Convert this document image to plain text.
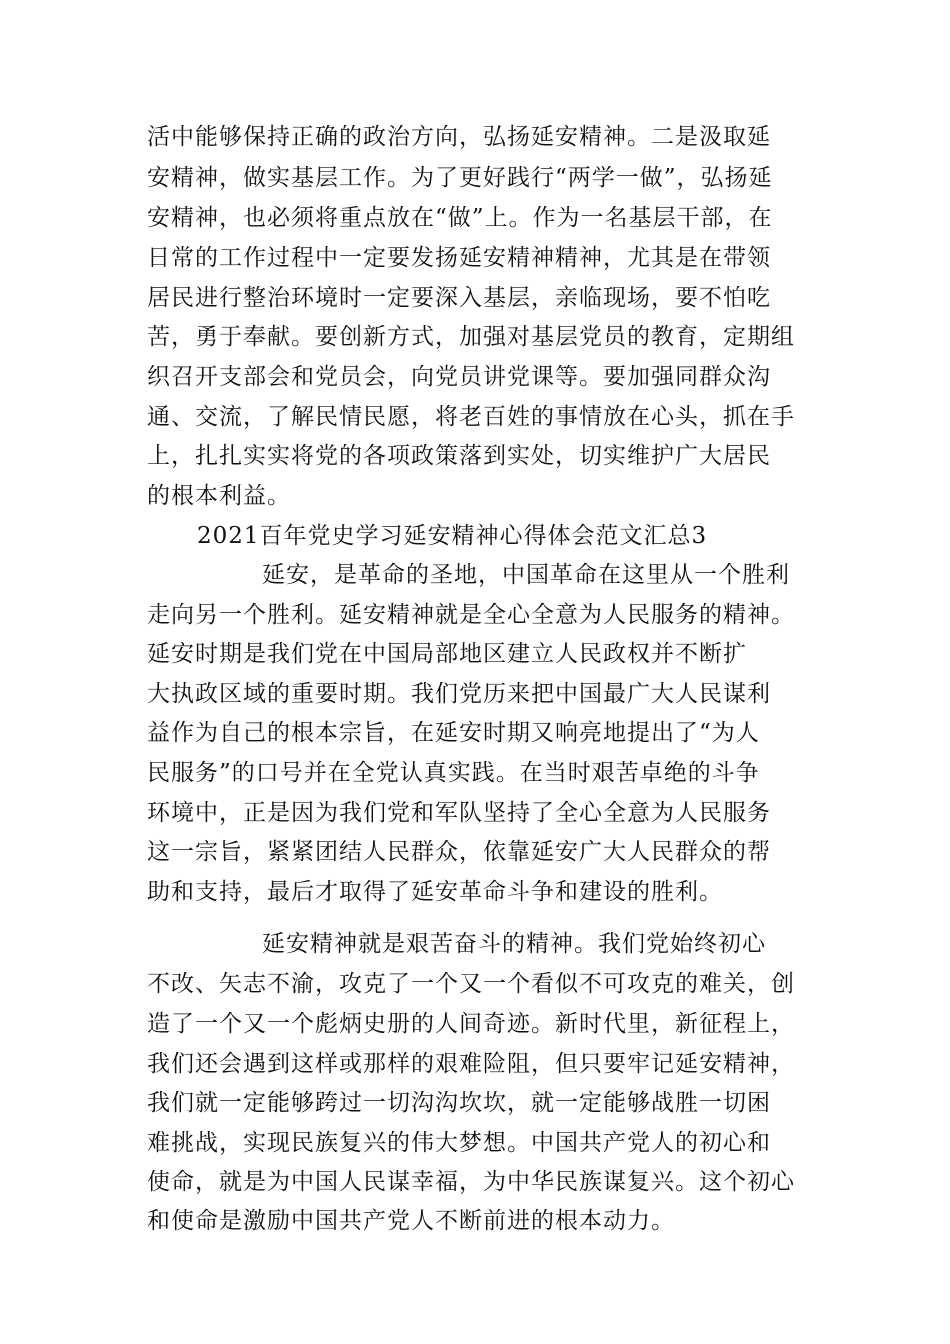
活中能够保持正确的政治方向，弘扬延安精神。二是汲取延
安精神，做实基层工作。为了更好践行“两学一做”，弘扬延
安精神，也必须将重点放在“做”上。作为一名基层干部，在
日常的工作过程中一定要发扬延安精神精神，尤其是在带领
居民进行整治环境时一定要深入基层，亲临现场，要不怕吃
苦，勇于奉献。要创新方式，加强对基层党员的教育，定期组
织召开支部会和党员会，向党员讲党课等。要加强同群众沟
通、交流，了解民情民愿，将老百姓的事情放在心头，抓在手
上，扎扎实实将党的各项政策落到实处，切实维护广大居民
的根本利益。
2021百年党史学习延安精神心得体会范文汇总3
延安，是革命的圣地，中国革命在这里从一个胜利
走向另一个胜利。延安精神就是全心全意为人民服务的精神。
延安时期是我们党在中国局部地区建立人民政权并不断扩
大执政区域的重要时期。我们党历来把中国最广大人民谋利
益作为自己的根本宗旨，在延安时期又响亮地提出了“为人
民服务”的口号并在全党认真实践。在当时艰苦卓绝的斗争
环境中，正是因为我们党和军队坚持了全心全意为人民服务
这一宗旨，紧紧团结人民群众，依靠延安广大人民群众的帮
助和支持，最后才取得了延安革命斗争和建设的胜利。
延安精神就是艰苦奋斗的精神。我们党始终初心
不改、矢志不渝，攻克了一个又一个看似不可攻克的难关，创
造了一个又一个彪炳史册的人间奇迹。新时代里，新征程上，
我们还会遇到这样或那样的艰难险阻，但只要牢记延安精神，
我们就一定能够跨过一切沟沟坎坎，就一定能够战胜一切困
难挑战，实现民族复兴的伟大梦想。中国共产党人的初心和
使命，就是为中国人民谋幸福，为中华民族谋复兴。这个初心
和使命是激励中国共产党人不断前进的根本动力。
